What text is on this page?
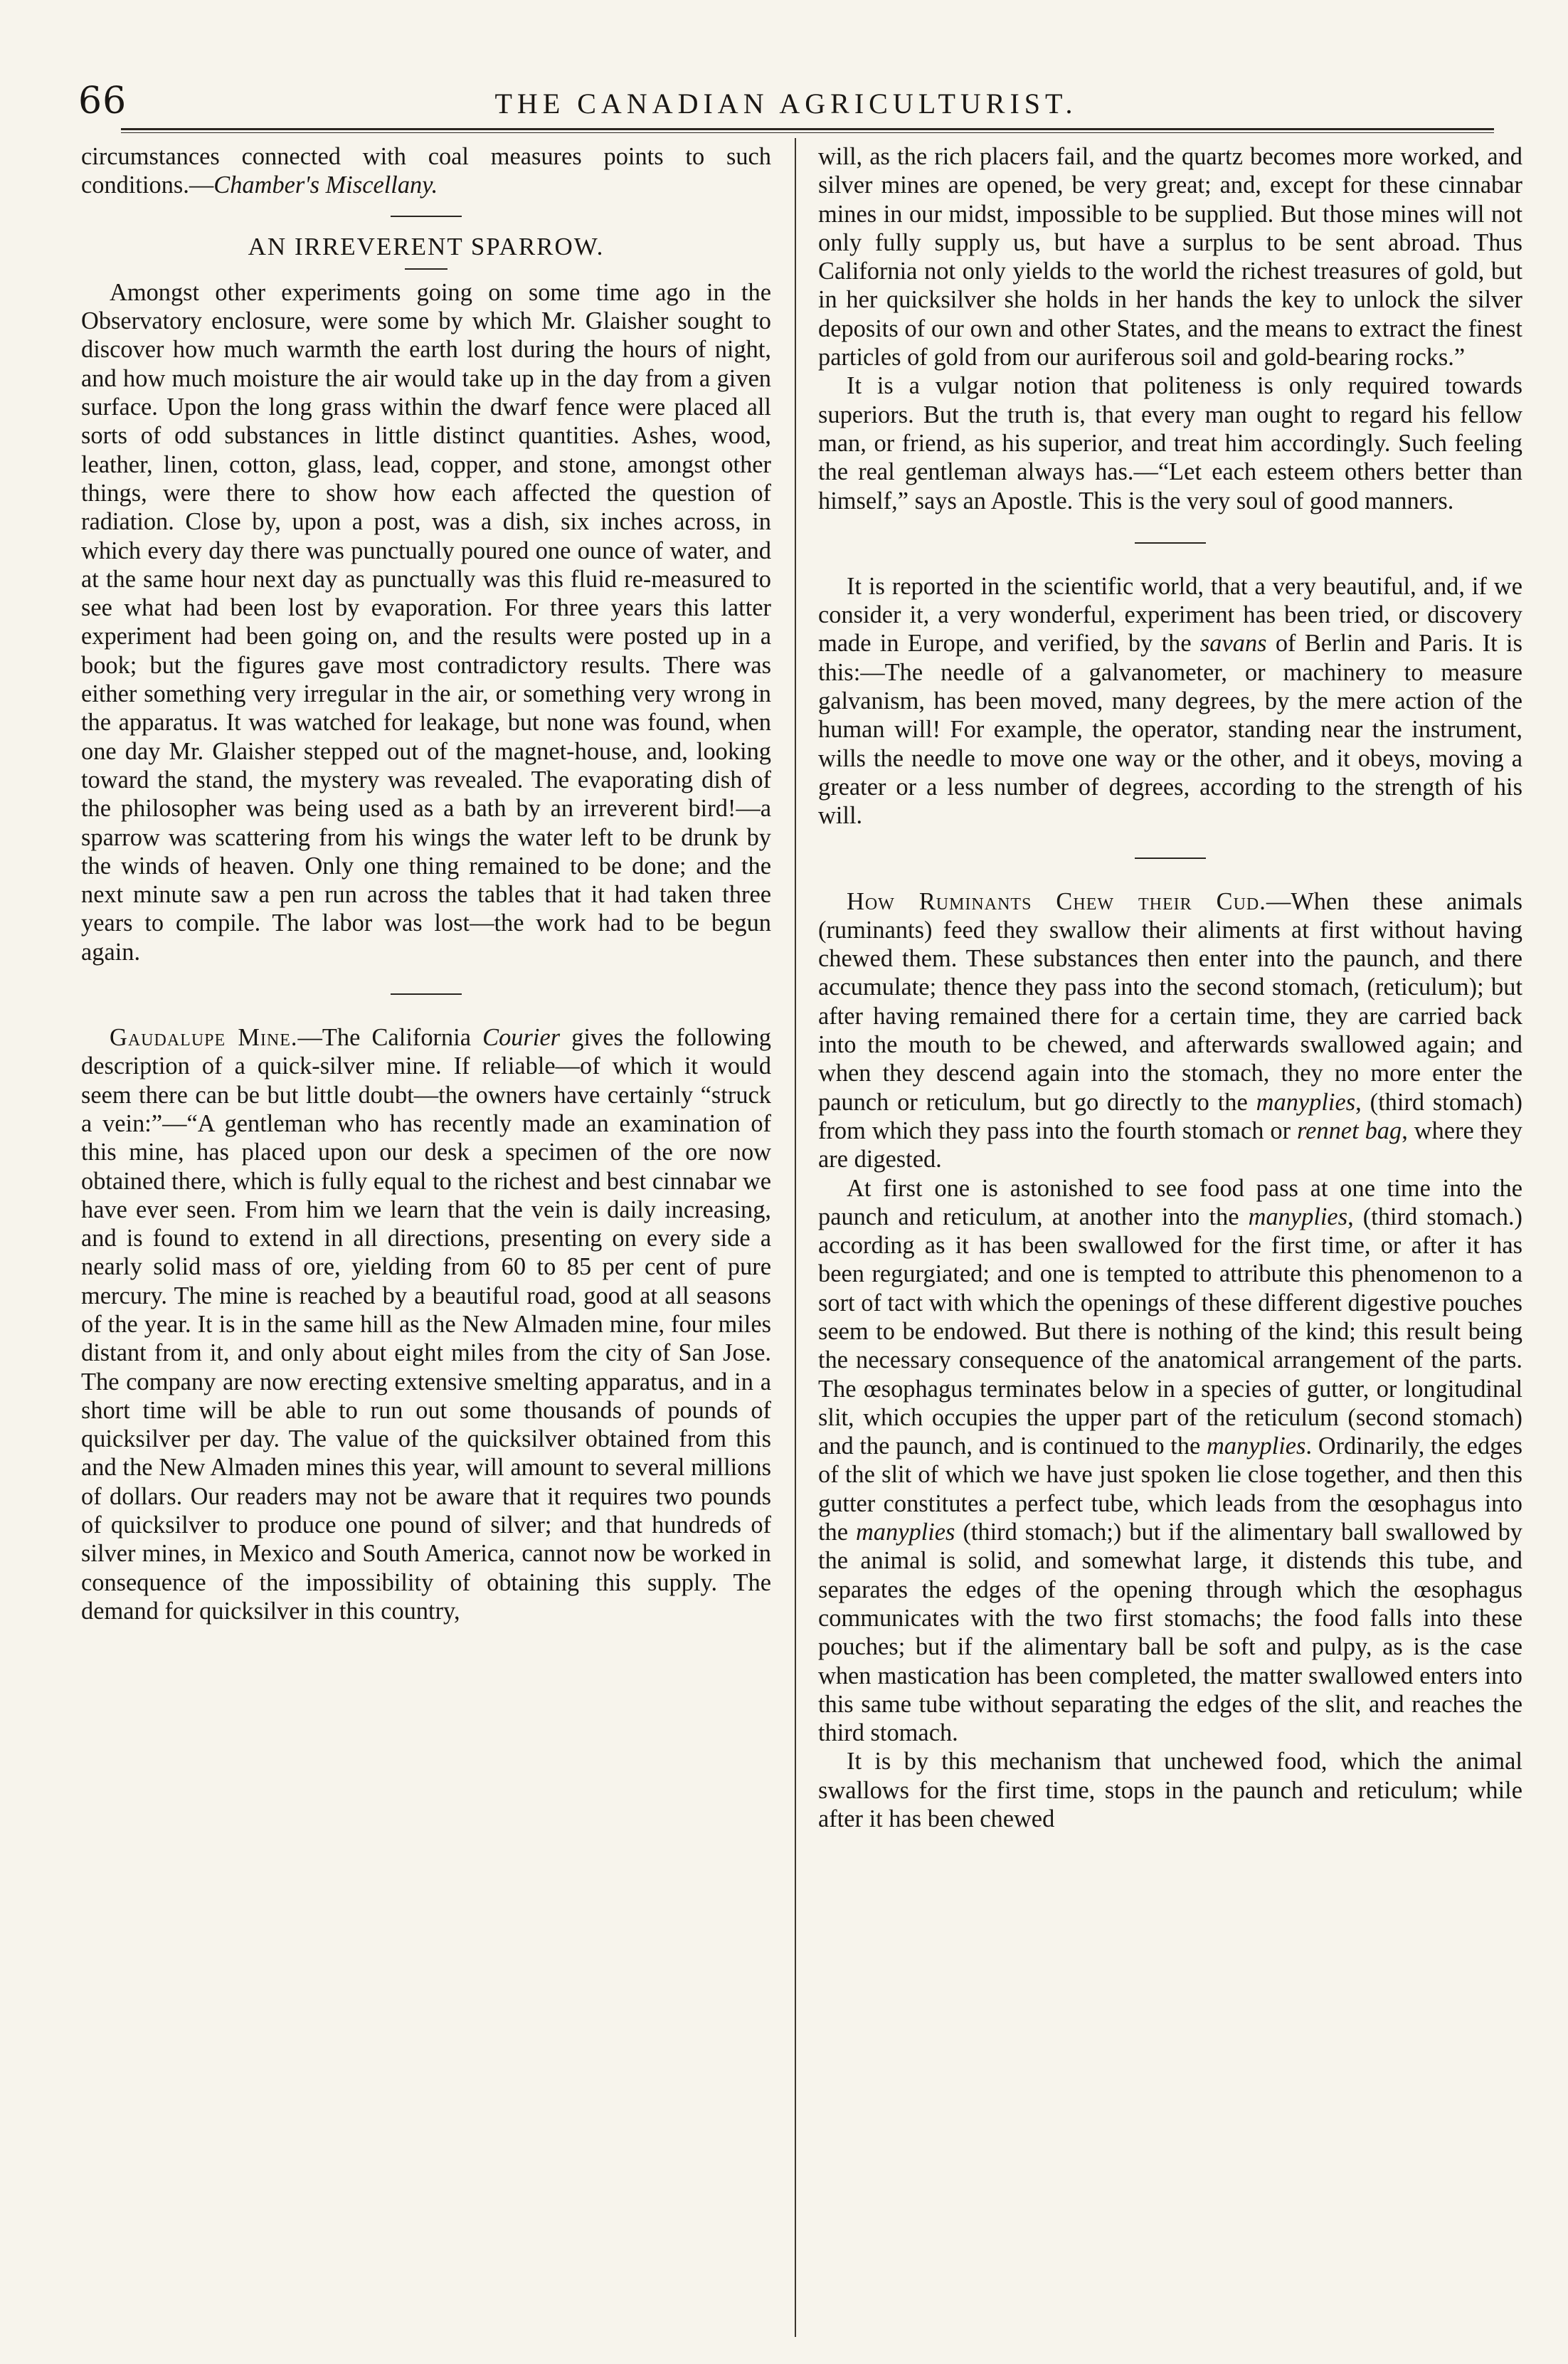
66	THE CANADIAN AGRICULTURIST.

circumstances connected with coal measures points to such conditions.—Chamber's Miscellany.

AN IRREVERENT SPARROW.

Amongst other experiments going on some time ago in the Observatory enclosure, were some by which Mr. Glaisher sought to discover how much warmth the earth lost during the hours of night, and how much moisture the air would take up in the day from a given surface. Upon the long grass within the dwarf fence were placed all sorts of odd substances in little distinct quantities. Ashes, wood, leather, linen, cotton, glass, lead, copper, and stone, amongst other things, were there to show how each affected the question of radiation. Close by, upon a post, was a dish, six inches across, in which every day there was punctually poured one ounce of water, and at the same hour next day as punctually was this fluid re-measured to see what had been lost by evaporation. For three years this latter experiment had been going on, and the results were posted up in a book; but the figures gave most contradictory results. There was either something very irregular in the air, or something very wrong in the apparatus. It was watched for leakage, but none was found, when one day Mr. Glaisher stepped out of the magnet-house, and, looking toward the stand, the mystery was revealed. The evaporating dish of the philosopher was being used as a bath by an irreverent bird!—a sparrow was scattering from his wings the water left to be drunk by the winds of heaven. Only one thing remained to be done; and the next minute saw a pen run across the tables that it had taken three years to compile. The labor was lost—the work had to be begun again.

Gaudalupe Mine.—The California Courier gives the following description of a quick-silver mine. If reliable—of which it would seem there can be but little doubt—the owners have certainly “struck a vein:”—“A gentleman who has recently made an examination of this mine, has placed upon our desk a specimen of the ore now obtained there, which is fully equal to the richest and best cinnabar we have ever seen. From him we learn that the vein is daily increasing, and is found to extend in all directions, presenting on every side a nearly solid mass of ore, yielding from 60 to 85 per cent of pure mercury. The mine is reached by a beautiful road, good at all seasons of the year. It is in the same hill as the New Almaden mine, four miles distant from it, and only about eight miles from the city of San Jose. The company are now erecting extensive smelting apparatus, and in a short time will be able to run out some thousands of pounds of quicksilver per day. The value of the quicksilver obtained from this and the New Almaden mines this year, will amount to several millions of dollars. Our readers may not be aware that it requires two pounds of quicksilver to produce one pound of silver; and that hundreds of silver mines, in Mexico and South America, cannot now be worked in consequence of the impossibility of obtaining this supply. The demand for quicksilver in this country,

will, as the rich placers fail, and the quartz becomes more worked, and silver mines are opened, be very great; and, except for these cinnabar mines in our midst, impossible to be supplied. But those mines will not only fully supply us, but have a surplus to be sent abroad. Thus California not only yields to the world the richest treasures of gold, but in her quicksilver she holds in her hands the key to unlock the silver deposits of our own and other States, and the means to extract the finest particles of gold from our auriferous soil and gold-bearing rocks.”

It is a vulgar notion that politeness is only required towards superiors. But the truth is, that every man ought to regard his fellow man, or friend, as his superior, and treat him accordingly. Such feeling the real gentleman always has.—“Let each esteem others better than himself,” says an Apostle. This is the very soul of good manners.

It is reported in the scientific world, that a very beautiful, and, if we consider it, a very wonderful, experiment has been tried, or discovery made in Europe, and verified, by the savans of Berlin and Paris. It is this:—The needle of a galvanometer, or machinery to measure galvanism, has been moved, many degrees, by the mere action of the human will! For example, the operator, standing near the instrument, wills the needle to move one way or the other, and it obeys, moving a greater or a less number of degrees, according to the strength of his will.

How Ruminants Chew their Cud.—When these animals (ruminants) feed they swallow their aliments at first without having chewed them. These substances then enter into the paunch, and there accumulate; thence they pass into the second stomach, (reticulum); but after having remained there for a certain time, they are carried back into the mouth to be chewed, and afterwards swallowed again; and when they descend again into the stomach, they no more enter the paunch or reticulum, but go directly to the manyplies, (third stomach) from which they pass into the fourth stomach or rennet bag, where they are digested.

At first one is astonished to see food pass at one time into the paunch and reticulum, at another into the manyplies, (third stomach.) according as it has been swallowed for the first time, or after it has been regurgiated; and one is tempted to attribute this phenomenon to a sort of tact with which the openings of these different digestive pouches seem to be endowed. But there is nothing of the kind; this result being the necessary consequence of the anatomical arrangement of the parts. The œsophagus terminates below in a species of gutter, or longitudinal slit, which occupies the upper part of the reticulum (second stomach) and the paunch, and is continued to the manyplies. Ordinarily, the edges of the slit of which we have just spoken lie close together, and then this gutter constitutes a perfect tube, which leads from the œsophagus into the manyplies (third stomach;) but if the alimentary ball swallowed by the animal is solid, and somewhat large, it distends this tube, and separates the edges of the opening through which the œsophagus communicates with the two first stomachs; the food falls into these pouches; but if the alimentary ball be soft and pulpy, as is the case when mastication has been completed, the matter swallowed enters into this same tube without separating the edges of the slit, and reaches the third stomach.

It is by this mechanism that unchewed food, which the animal swallows for the first time, stops in the paunch and reticulum; while after it has been chewed
